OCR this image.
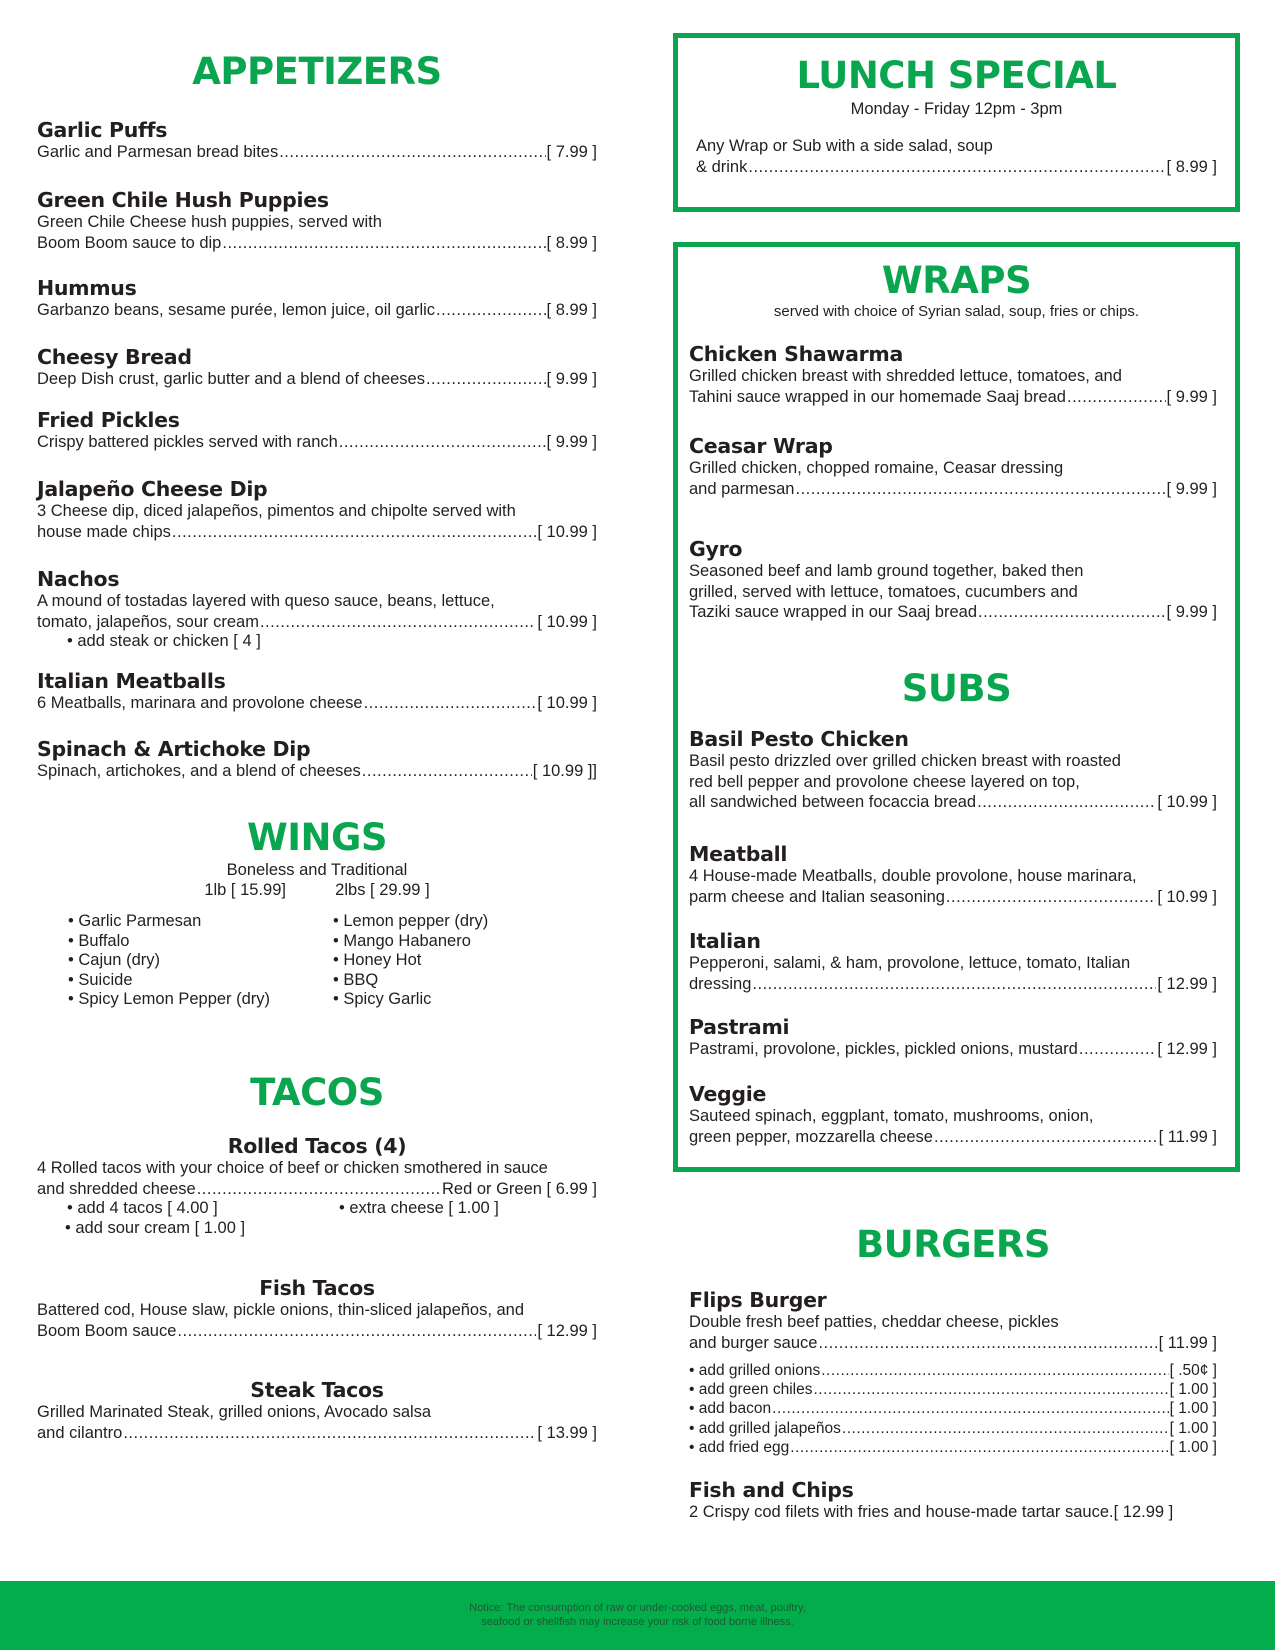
APPETIZERS
Garlic Puffs
Garlic and Parmesan bread bites .....	[ 7.99 ]
Green Chile Hush Puppies
Green Chile Cheese hush puppies, served with
Boom Boom sauce to dip .....	[ 8.99 ]
Hummus
Garbanzo beans, sesame purée, lemon juice, oil garlic .....	[ 8.99 ]
Cheesy Bread
Deep Dish crust, garlic butter and a blend of cheeses .....	[ 9.99 ]
Fried Pickles
Crispy battered pickles served with ranch .....	[ 9.99 ]
Jalapeño Cheese Dip
3 Cheese dip, diced jalapeños, pimentos and chipolte served with
house made chips .....	[ 10.99 ]
Nachos
A mound of tostadas layered with queso sauce, beans, lettuce,
tomato, jalapeños, sour cream .....	[ 10.99 ]
• add steak or chicken [ 4 ]
Italian Meatballs
6 Meatballs, marinara and provolone cheese .....	[ 10.99 ]
Spinach & Artichoke Dip
Spinach, artichokes, and a blend of cheeses .....	[ 10.99 ]]
WINGS
Boneless and Traditional
1lb [ 15.99]	2lbs [ 29.99 ]
• Garlic Parmesan
• Buffalo
• Cajun (dry)
• Suicide
• Spicy Lemon Pepper (dry)
• Lemon pepper (dry)
• Mango Habanero
• Honey Hot
• BBQ
• Spicy Garlic
TACOS
Rolled Tacos (4)
4 Rolled tacos with your choice of beef or chicken smothered in sauce
and shredded cheese .....	Red or Green [ 6.99 ]
• add 4 tacos [ 4.00 ]	• extra cheese [ 1.00 ]
• add sour cream [ 1.00 ]
Fish Tacos
Battered cod, House slaw, pickle onions, thin-sliced jalapeños, and
Boom Boom sauce .....	[ 12.99 ]
Steak Tacos
Grilled Marinated Steak, grilled onions, Avocado salsa
and cilantro .....	[ 13.99 ]
LUNCH SPECIAL
Monday - Friday 12pm - 3pm
Any Wrap or Sub with a side salad, soup
& drink .....	[ 8.99 ]
WRAPS
served with choice of Syrian salad, soup, fries or chips.
Chicken Shawarma
Grilled chicken breast with shredded lettuce, tomatoes, and
Tahini sauce wrapped in our homemade Saaj bread .....	[ 9.99 ]
Ceasar Wrap
Grilled chicken, chopped romaine, Ceasar dressing
and parmesan .....	[ 9.99 ]
Gyro
Seasoned beef and lamb ground together, baked then
grilled, served with lettuce, tomatoes, cucumbers and
Taziki sauce wrapped in our Saaj bread .....	[ 9.99 ]
SUBS
Basil Pesto Chicken
Basil pesto drizzled over grilled chicken breast with roasted
red bell pepper and provolone cheese layered on top,
all sandwiched between focaccia bread .....	[ 10.99 ]
Meatball
4 House-made Meatballs, double provolone, house marinara,
parm cheese and Italian seasoning .....	[ 10.99 ]
Italian
Pepperoni, salami, & ham, provolone, lettuce, tomato, Italian
dressing .....	[ 12.99 ]
Pastrami
Pastrami, provolone, pickles, pickled onions, mustard .....	[ 12.99 ]
Veggie
Sauteed spinach, eggplant, tomato, mushrooms, onion,
green pepper, mozzarella cheese .....	[ 11.99 ]
BURGERS
Flips Burger
Double fresh beef patties, cheddar cheese, pickles
and burger sauce .....	[ 11.99 ]
• add grilled onions .....	[ .50¢ ]
• add green chiles .....	[ 1.00 ]
• add bacon .....	[ 1.00 ]
• add grilled jalapeños .....	[ 1.00 ]
• add fried egg .....	[ 1.00 ]
Fish and Chips
2 Crispy cod filets with fries and house-made tartar sauce.[ 12.99 ]
Notice: The consumption of raw or under-cooked eggs, meat, poultry,
seafood or shellfish may increase your risk of food borne illness.
